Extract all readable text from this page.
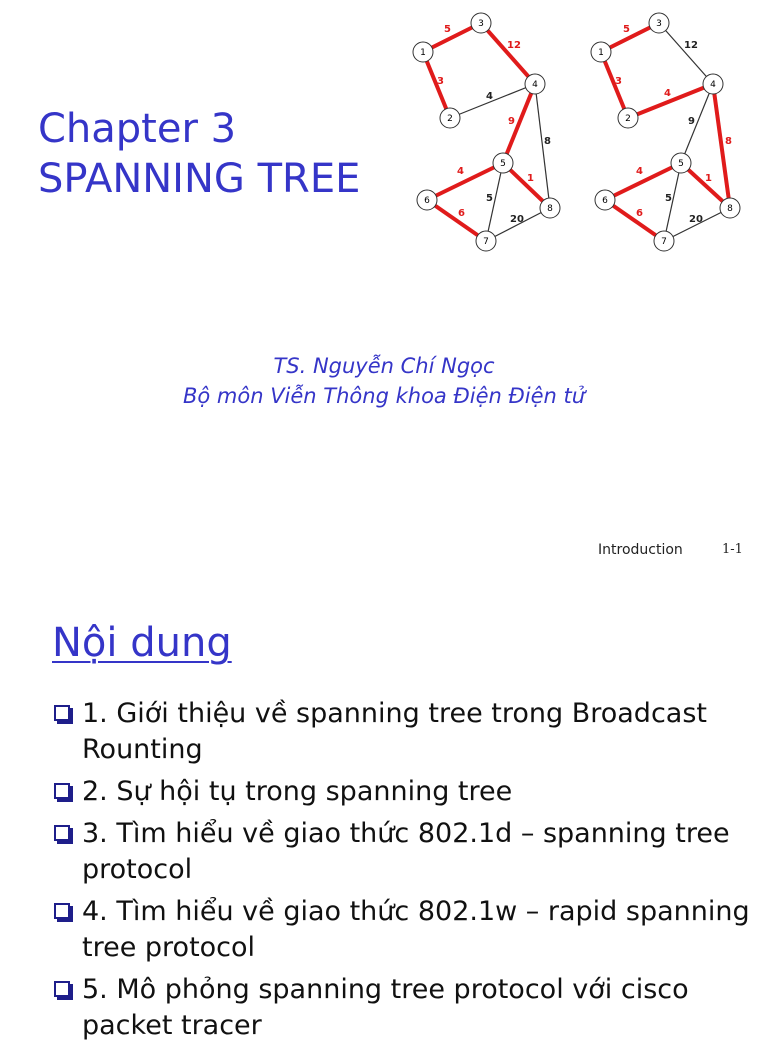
Chapter 3
SPANNING TREE
5
12
3
4
9
8
4
5
1
6
20
1
3
4
2
5
6
7
8
5
12
3
4
9
8
4
5
1
6
20
1
3
4
2
5
6
7
8
TS. Nguyễn Chí Ngọc
Bộ môn Viễn Thông khoa Điện Điện tử
Introduction	1-1
Nội dung
1. Giới thiệu về spanning tree trong Broadcast Rounting
2. Sự hội tụ trong spanning tree
3. Tìm hiểu về giao thức 802.1d – spanning tree protocol
4. Tìm hiểu về giao thức 802.1w – rapid spanning tree protocol
5. Mô phỏng spanning tree protocol với cisco packet tracer
